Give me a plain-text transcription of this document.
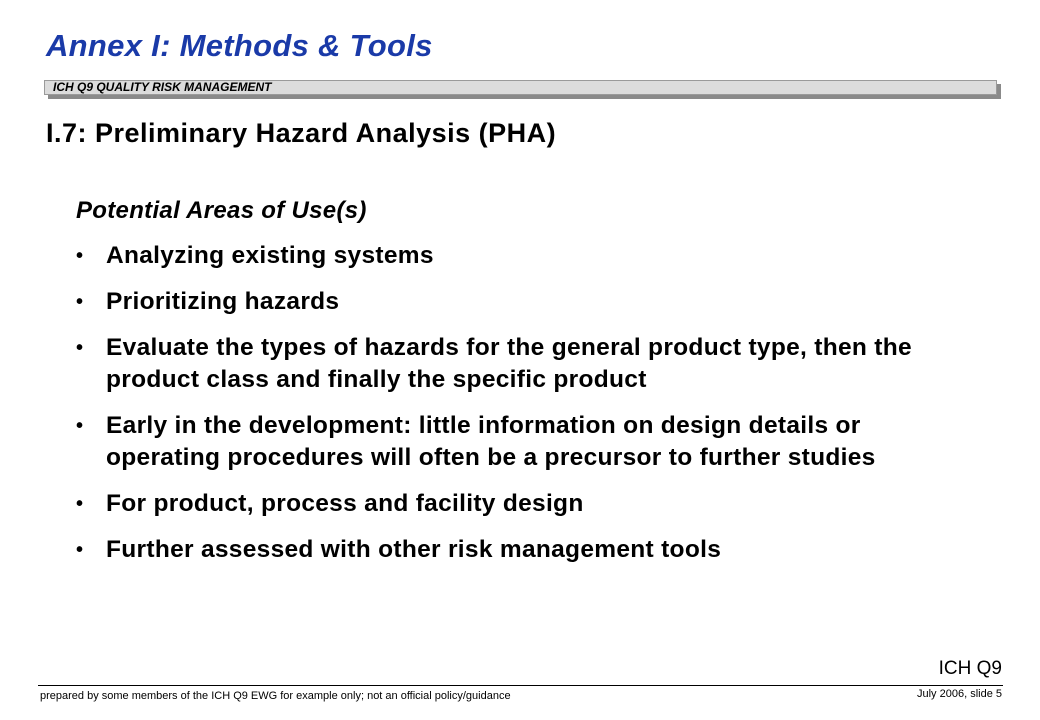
Annex I: Methods & Tools
ICH Q9 QUALITY RISK MANAGEMENT
I.7: Preliminary Hazard Analysis (PHA)
Potential Areas of Use(s)
• Analyzing existing systems
• Prioritizing hazards
• Evaluate the types of hazards for the general product type, then the product class and finally the specific product
• Early in the development: little information on design details or operating procedures will often be a precursor to further studies
• For product, process and facility design
• Further assessed with other risk management tools
ICH Q9
prepared by some members of the ICH Q9 EWG for example only; not an official policy/guidance	July 2006, slide 5
